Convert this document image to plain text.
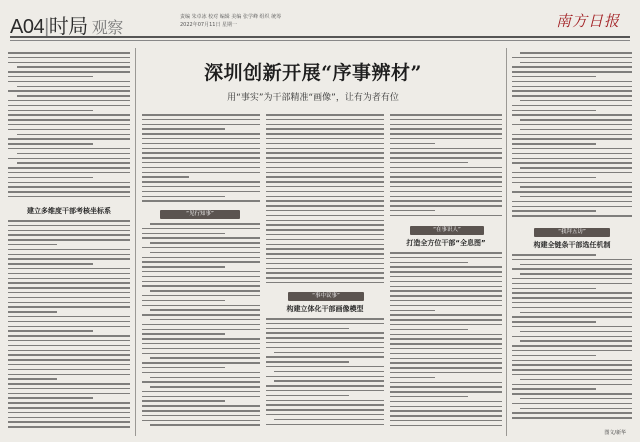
A04|时局 观察
责编 朱卓冰 校对 编辑 美编 张学峰 组织 统筹
2022年07月11日 星期一	南方日报
深圳创新开展“序事辨材”
用“事实”为干部精准“画像”，让有为者有位
建立多维度干部考核坐标系	“见行知事”
“事中议事”
构建立体化干部画像模型
“在事识人”
打造全方位干部“全息图”
“我拜五访”
构建全链条干部选任机制
图文/新华
